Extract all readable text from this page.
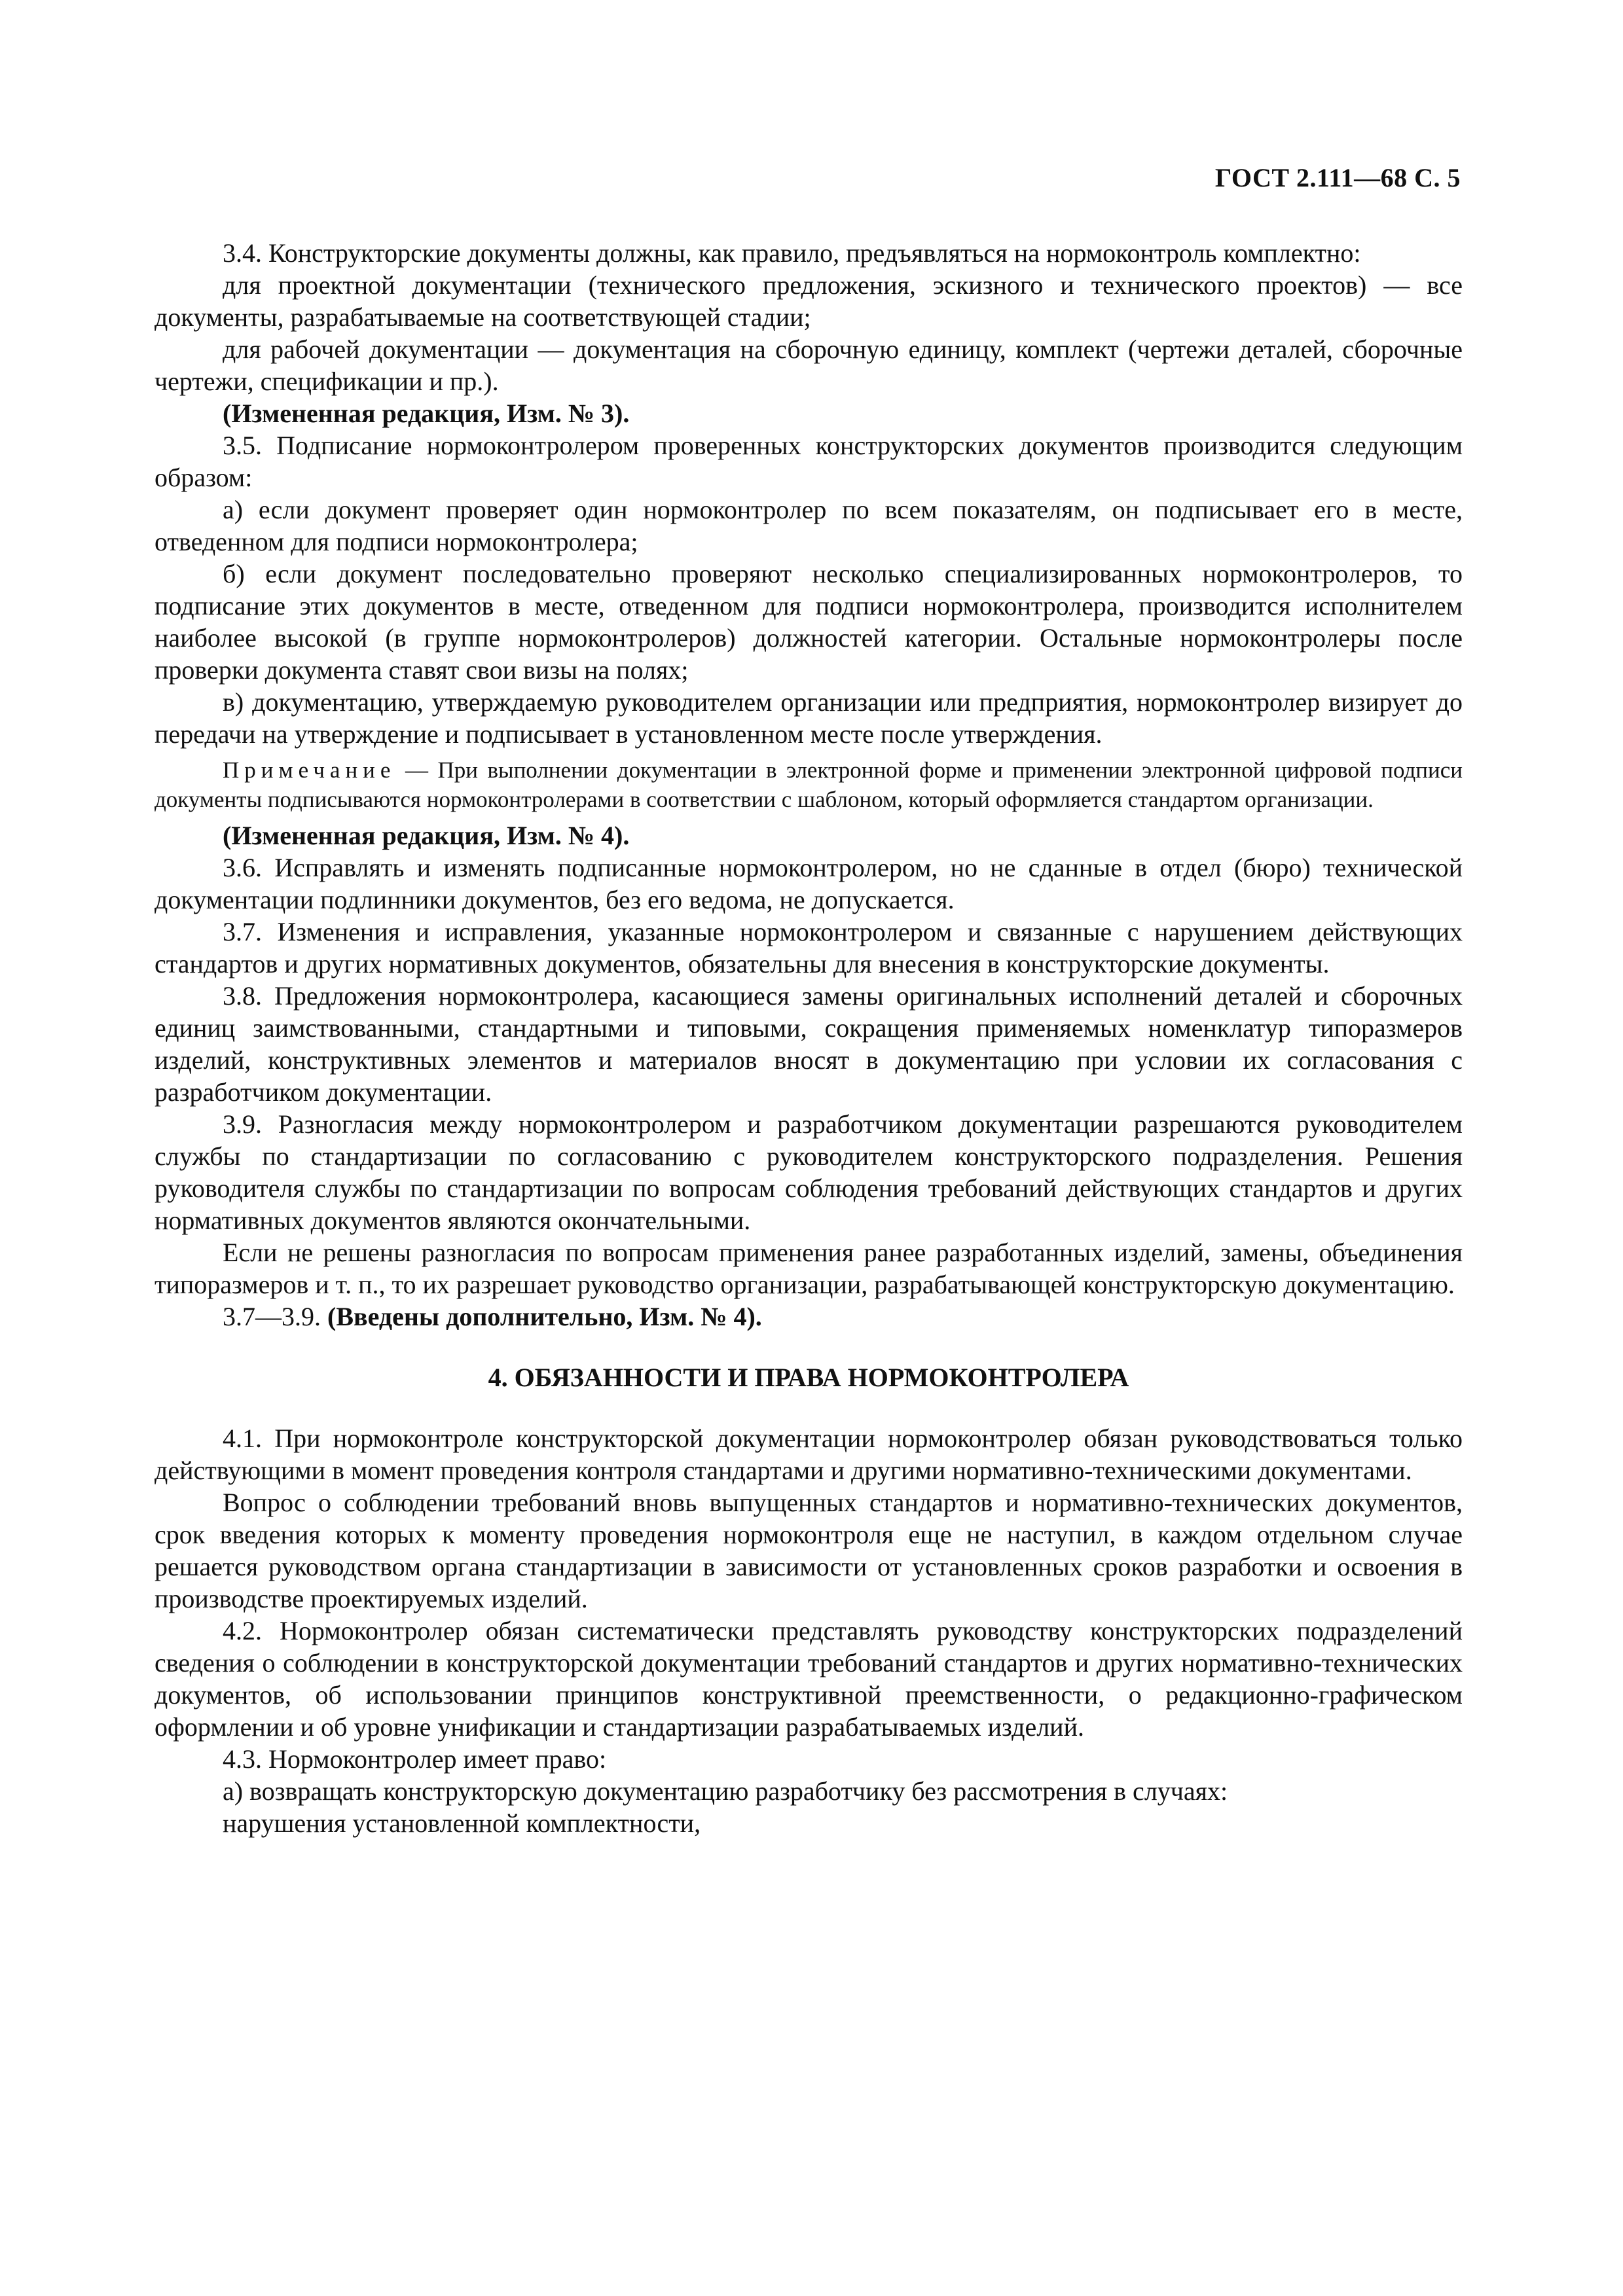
ГОСТ 2.111—68 С. 5

3.4. Конструкторские документы должны, как правило, предъявляться на нормоконтроль комплектно:

для проектной документации (технического предложения, эскизного и технического проектов) — все документы, разрабатываемые на соответствующей стадии;

для рабочей документации — документация на сборочную единицу, комплект (чертежи деталей, сборочные чертежи, спецификации и пр.).

(Измененная редакция, Изм. № 3).

3.5. Подписание нормоконтролером проверенных конструкторских документов производится следующим образом:

а) если документ проверяет один нормоконтролер по всем показателям, он подписывает его в месте, отведенном для подписи нормоконтролера;

б) если документ последовательно проверяют несколько специализированных нормоконтролеров, то подписание этих документов в месте, отведенном для подписи нормоконтролера, производится исполнителем наиболее высокой (в группе нормоконтролеров) должностей категории. Остальные нормоконтролеры после проверки документа ставят свои визы на полях;

в) документацию, утверждаемую руководителем организации или предприятия, нормоконтролер визирует до передачи на утверждение и подписывает в установленном месте после утверждения.

Примечание — При выполнении документации в электронной форме и применении электронной цифровой подписи документы подписываются нормоконтролерами в соответствии с шаблоном, который оформляется стандартом организации.

(Измененная редакция, Изм. № 4).

3.6. Исправлять и изменять подписанные нормоконтролером, но не сданные в отдел (бюро) технической документации подлинники документов, без его ведома, не допускается.

3.7. Изменения и исправления, указанные нормоконтролером и связанные с нарушением действующих стандартов и других нормативных документов, обязательны для внесения в конструкторские документы.

3.8. Предложения нормоконтролера, касающиеся замены оригинальных исполнений деталей и сборочных единиц заимствованными, стандартными и типовыми, сокращения применяемых номенклатур типоразмеров изделий, конструктивных элементов и материалов вносят в документацию при условии их согласования с разработчиком документации.

3.9. Разногласия между нормоконтролером и разработчиком документации разрешаются руководителем службы по стандартизации по согласованию с руководителем конструкторского подразделения. Решения руководителя службы по стандартизации по вопросам соблюдения требований действующих стандартов и других нормативных документов являются окончательными.

Если не решены разногласия по вопросам применения ранее разработанных изделий, замены, объединения типоразмеров и т. п., то их разрешает руководство организации, разрабатывающей конструкторскую документацию.

3.7—3.9. (Введены дополнительно, Изм. № 4).

4. ОБЯЗАННОСТИ И ПРАВА НОРМОКОНТРОЛЕРА

4.1. При нормоконтроле конструкторской документации нормоконтролер обязан руководствоваться только действующими в момент проведения контроля стандартами и другими нормативно-техническими документами.

Вопрос о соблюдении требований вновь выпущенных стандартов и нормативно-технических документов, срок введения которых к моменту проведения нормоконтроля еще не наступил, в каждом отдельном случае решается руководством органа стандартизации в зависимости от установленных сроков разработки и освоения в производстве проектируемых изделий.

4.2. Нормоконтролер обязан систематически представлять руководству конструкторских подразделений сведения о соблюдении в конструкторской документации требований стандартов и других нормативно-технических документов, об использовании принципов конструктивной преемственности, о редакционно-графическом оформлении и об уровне унификации и стандартизации разрабатываемых изделий.

4.3. Нормоконтролер имеет право:

а) возвращать конструкторскую документацию разработчику без рассмотрения в случаях:

нарушения установленной комплектности,
